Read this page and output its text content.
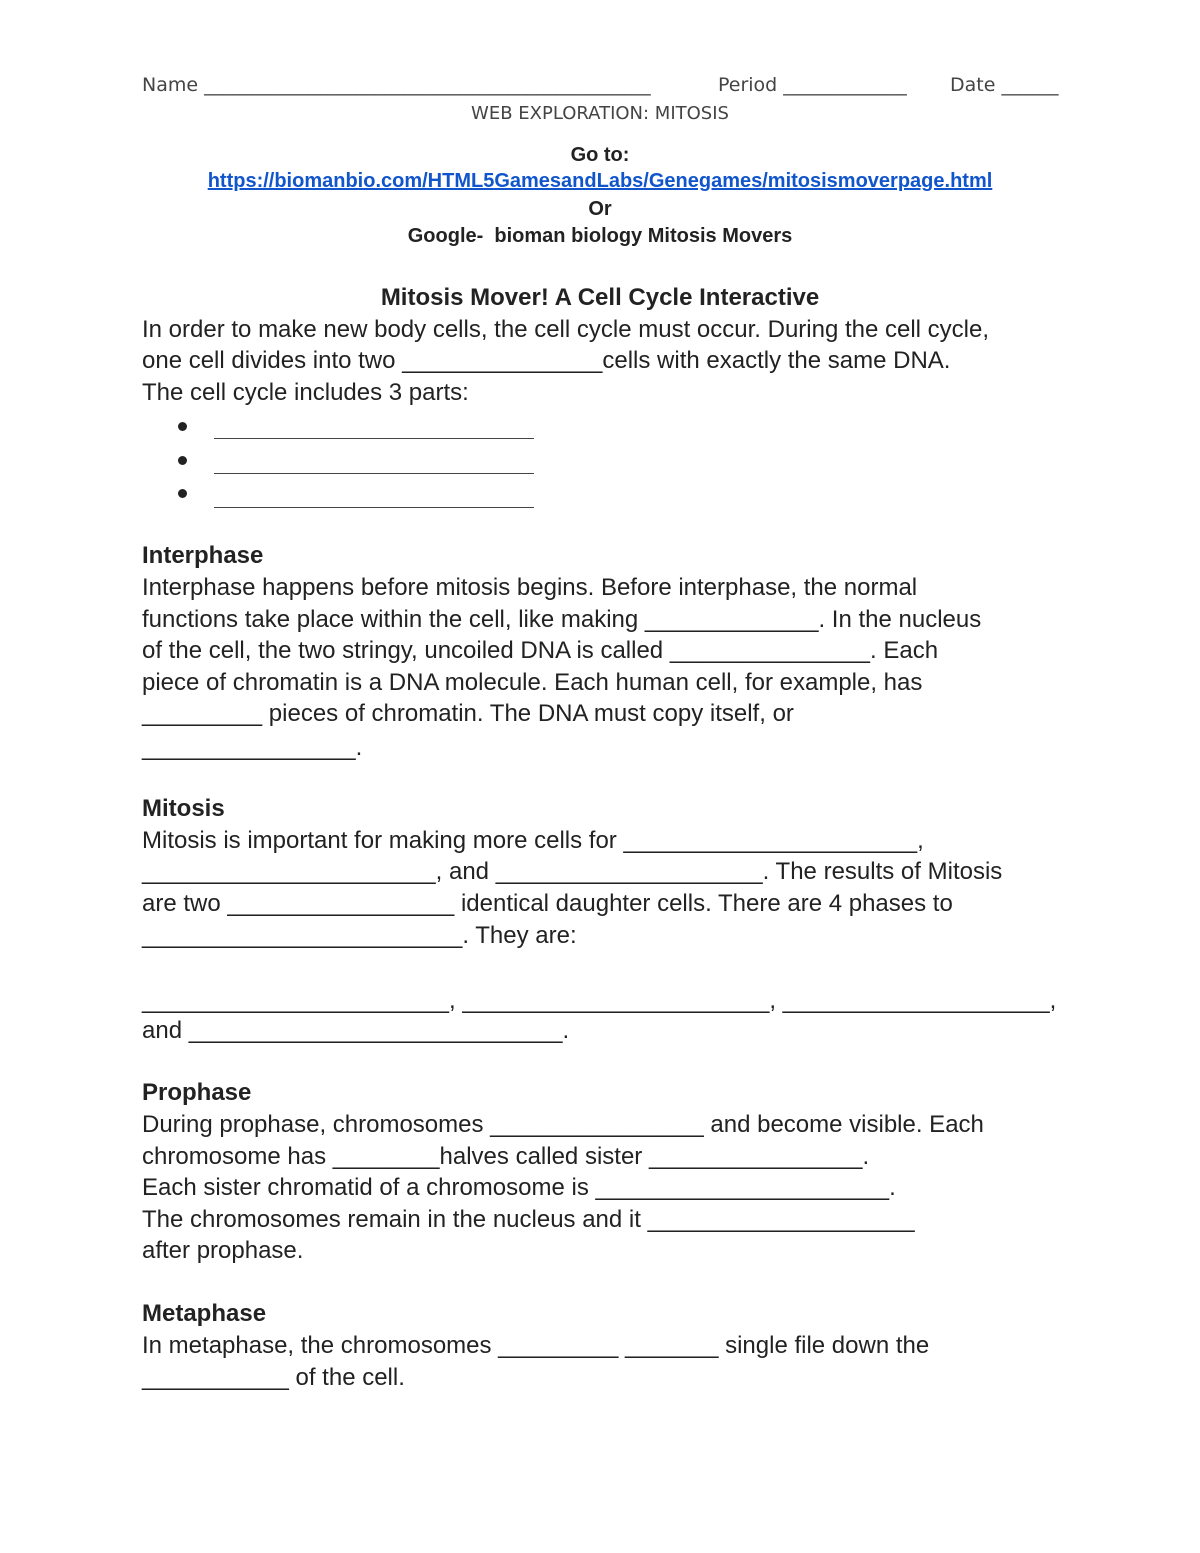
Name _______________________________________________	Period _____________ Date ______
WEB EXPLORATION: MITOSIS
Go to:
https://biomanbio.com/HTML5GamesandLabs/Genegames/mitosismoverpage.html
Or
Google-  bioman biology Mitosis Movers
Mitosis Mover! A Cell Cycle Interactive
In order to make new body cells, the cell cycle must occur. During the cell cycle,
one cell divides into two _______________cells with exactly the same DNA.
The cell cycle includes 3 parts:
Interphase
Interphase happens before mitosis begins. Before interphase, the normal
functions take place within the cell, like making _____________. In the nucleus
of the cell, the two stringy, uncoiled DNA is called _______________. Each
piece of chromatin is a DNA molecule. Each human cell, for example, has
_________ pieces of chromatin. The DNA must copy itself, or
________________.
Mitosis
Mitosis is important for making more cells for ______________________,
______________________, and ____________________. The results of Mitosis
are two _________________ identical daughter cells. There are 4 phases to
________________________. They are:
_______________________, _______________________, ____________________,
and ____________________________.
Prophase
During prophase, chromosomes ________________ and become visible. Each
chromosome has ________halves called sister ________________.
Each sister chromatid of a chromosome is ______________________.
The chromosomes remain in the nucleus and it ____________________
after prophase.
Metaphase
In metaphase, the chromosomes _________ _______ single file down the
___________ of the cell.
